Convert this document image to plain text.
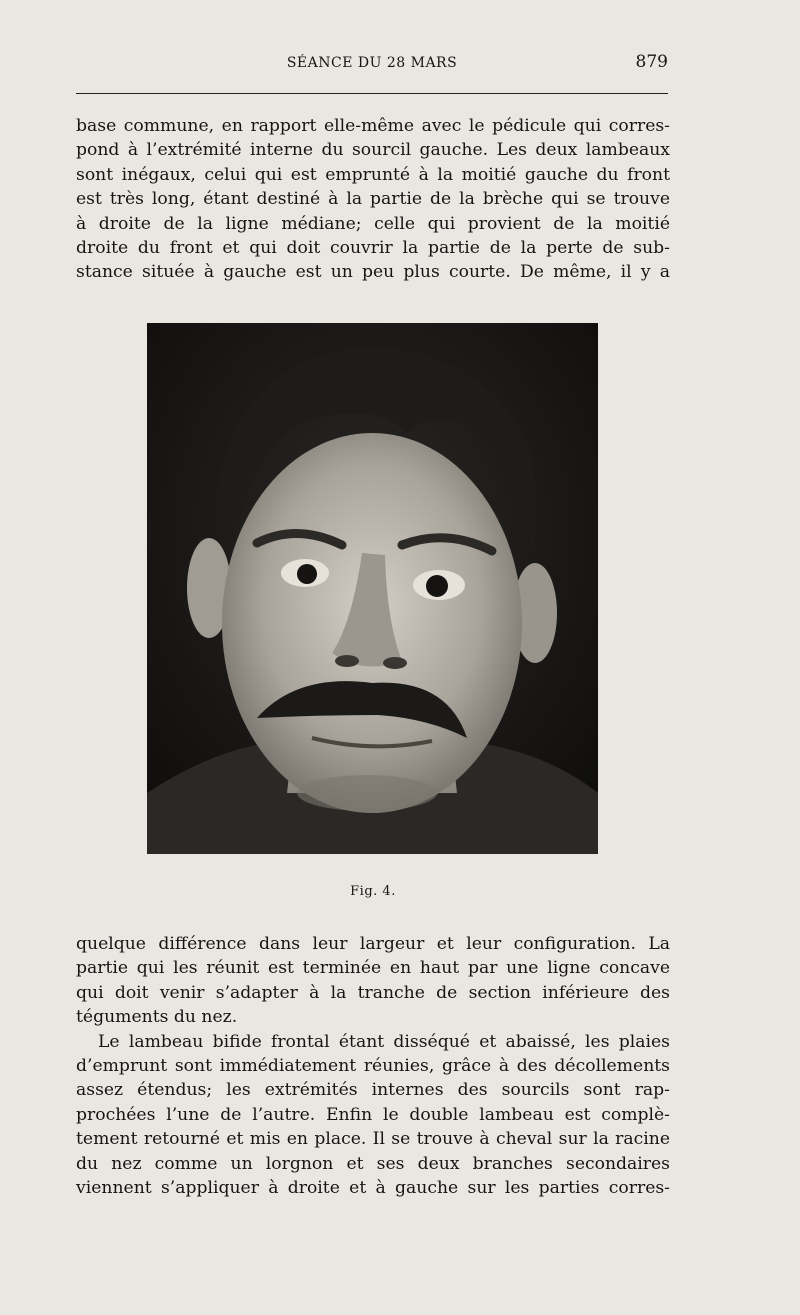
SÉANCE DU 28 MARS	879
base commune, en rapport elle-même avec le pédicule qui corres-
pond à l’extrémité interne du sourcil gauche. Les deux lambeaux
sont inégaux, celui qui est emprunté à la moitié gauche du front
est très long, étant destiné à la partie de la brèche qui se trouve
à droite de la ligne médiane; celle qui provient de la moitié
droite du front et qui doit couvrir la partie de la perte de sub-
stance située à gauche est un peu plus courte. De même, il y a
Fig. 4.
quelque différence dans leur largeur et leur configuration. La
partie qui les réunit est terminée en haut par une ligne concave
qui doit venir s’adapter à la tranche de section inférieure des
téguments du nez.
Le lambeau bifide frontal étant disséqué et abaissé, les plaies
d’emprunt sont immédiatement réunies, grâce à des décollements
assez étendus; les extrémités internes des sourcils sont rap-
prochées l’une de l’autre. Enfin le double lambeau est complè-
tement retourné et mis en place. Il se trouve à cheval sur la racine
du nez comme un lorgnon et ses deux branches secondaires
viennent s’appliquer à droite et à gauche sur les parties corres-
